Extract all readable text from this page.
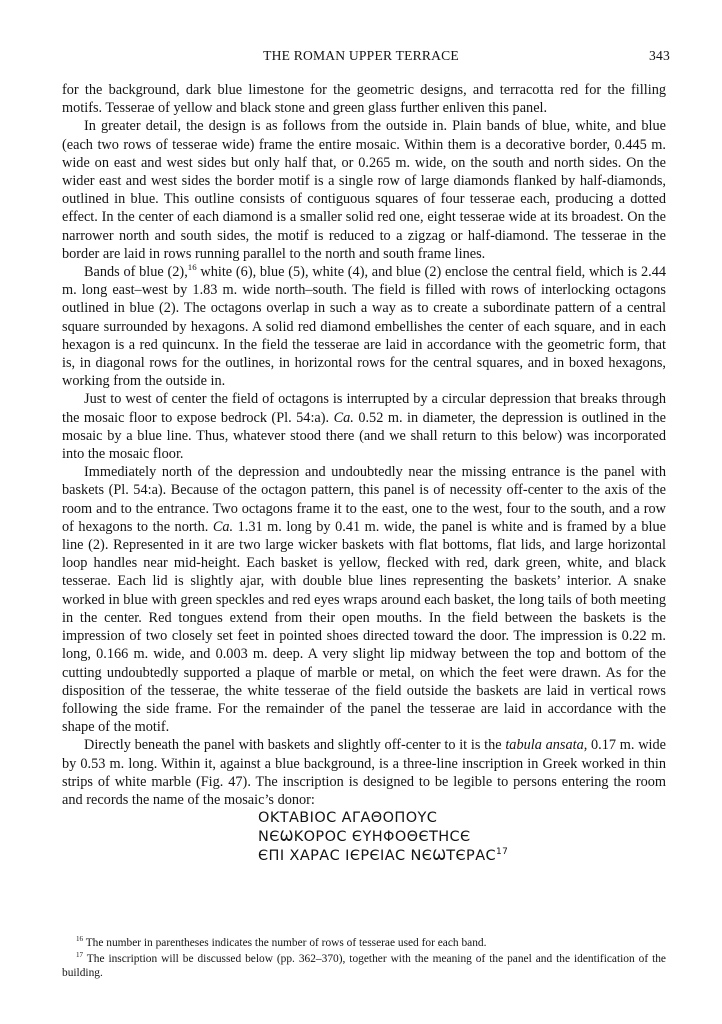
THE ROMAN UPPER TERRACE	343

for the background, dark blue limestone for the geometric designs, and terracotta red for the filling motifs. Tesserae of yellow and black stone and green glass further enliven this panel.

In greater detail, the design is as follows from the outside in. Plain bands of blue, white, and blue (each two rows of tesserae wide) frame the entire mosaic. Within them is a decorative border, 0.445 m. wide on east and west sides but only half that, or 0.265 m. wide, on the south and north sides. On the wider east and west sides the border motif is a single row of large diamonds flanked by half-diamonds, outlined in blue. This outline consists of contiguous squares of four tesserae each, producing a dotted effect. In the center of each diamond is a smaller solid red one, eight tesserae wide at its broadest. On the narrower north and south sides, the motif is reduced to a zigzag or half-diamond. The tesserae in the border are laid in rows running parallel to the north and south frame lines.

Bands of blue (2),$^{16}$ white (6), blue (5), white (4), and blue (2) enclose the central field, which is 2.44 m. long east–west by 1.83 m. wide north–south. The field is filled with rows of interlocking octagons outlined in blue (2). The octagons overlap in such a way as to create a subordinate pattern of a central square surrounded by hexagons. A solid red diamond embellishes the center of each square, and in each hexagon is a red quincunx. In the field the tesserae are laid in accordance with the geometric form, that is, in diagonal rows for the outlines, in horizontal rows for the central squares, and in boxed hexagons, working from the outside in.

Just to west of center the field of octagons is interrupted by a circular depression that breaks through the mosaic floor to expose bedrock (Pl. 54:a). Ca. 0.52 m. in diameter, the depression is outlined in the mosaic by a blue line. Thus, whatever stood there (and we shall return to this below) was incorporated into the mosaic floor.

Immediately north of the depression and undoubtedly near the missing entrance is the panel with baskets (Pl. 54:a). Because of the octagon pattern, this panel is of necessity off-center to the axis of the room and to the entrance. Two octagons frame it to the east, one to the west, four to the south, and a row of hexagons to the north. Ca. 1.31 m. long by 0.41 m. wide, the panel is white and is framed by a blue line (2). Represented in it are two large wicker baskets with flat bottoms, flat lids, and large horizontal loop handles near mid-height. Each basket is yellow, flecked with red, dark green, white, and black tesserae. Each lid is slightly ajar, with double blue lines representing the baskets’ interior. A snake worked in blue with green speckles and red eyes wraps around each basket, the long tails of both meeting in the center. Red tongues extend from their open mouths. In the field between the baskets is the impression of two closely set feet in pointed shoes directed toward the door. The impression is 0.22 m. long, 0.166 m. wide, and 0.003 m. deep. A very slight lip midway between the top and bottom of the cutting undoubtedly supported a plaque of marble or metal, on which the feet were drawn. As for the disposition of the tesserae, the white tesserae of the field outside the baskets are laid in vertical rows following the side frame. For the remainder of the panel the tesserae are laid in accordance with the shape of the motif.

Directly beneath the panel with baskets and slightly off-center to it is the tabula ansata, 0.17 m. wide by 0.53 m. long. Within it, against a blue background, is a three-line inscription in Greek worked in thin strips of white marble (Fig. 47). The inscription is designed to be legible to persons entering the room and records the name of the mosaic’s donor:

ΟΚΤΑΒΙΟϹ ΑΓΑΘΟΠΟΥϹ
ΝЄѠΚΟΡΟϹ ЄΥΗΦΟΘЄΤΗϹЄ
ЄΠΙ ΧΑΡΑϹ ΙЄΡЄΙΑϹ ΝЄѠΤЄΡΑϹ$^{17}$

$^{16}$ The number in parentheses indicates the number of rows of tesserae used for each band.

$^{17}$ The inscription will be discussed below (pp. 362–370), together with the meaning of the panel and the identification of the building.
